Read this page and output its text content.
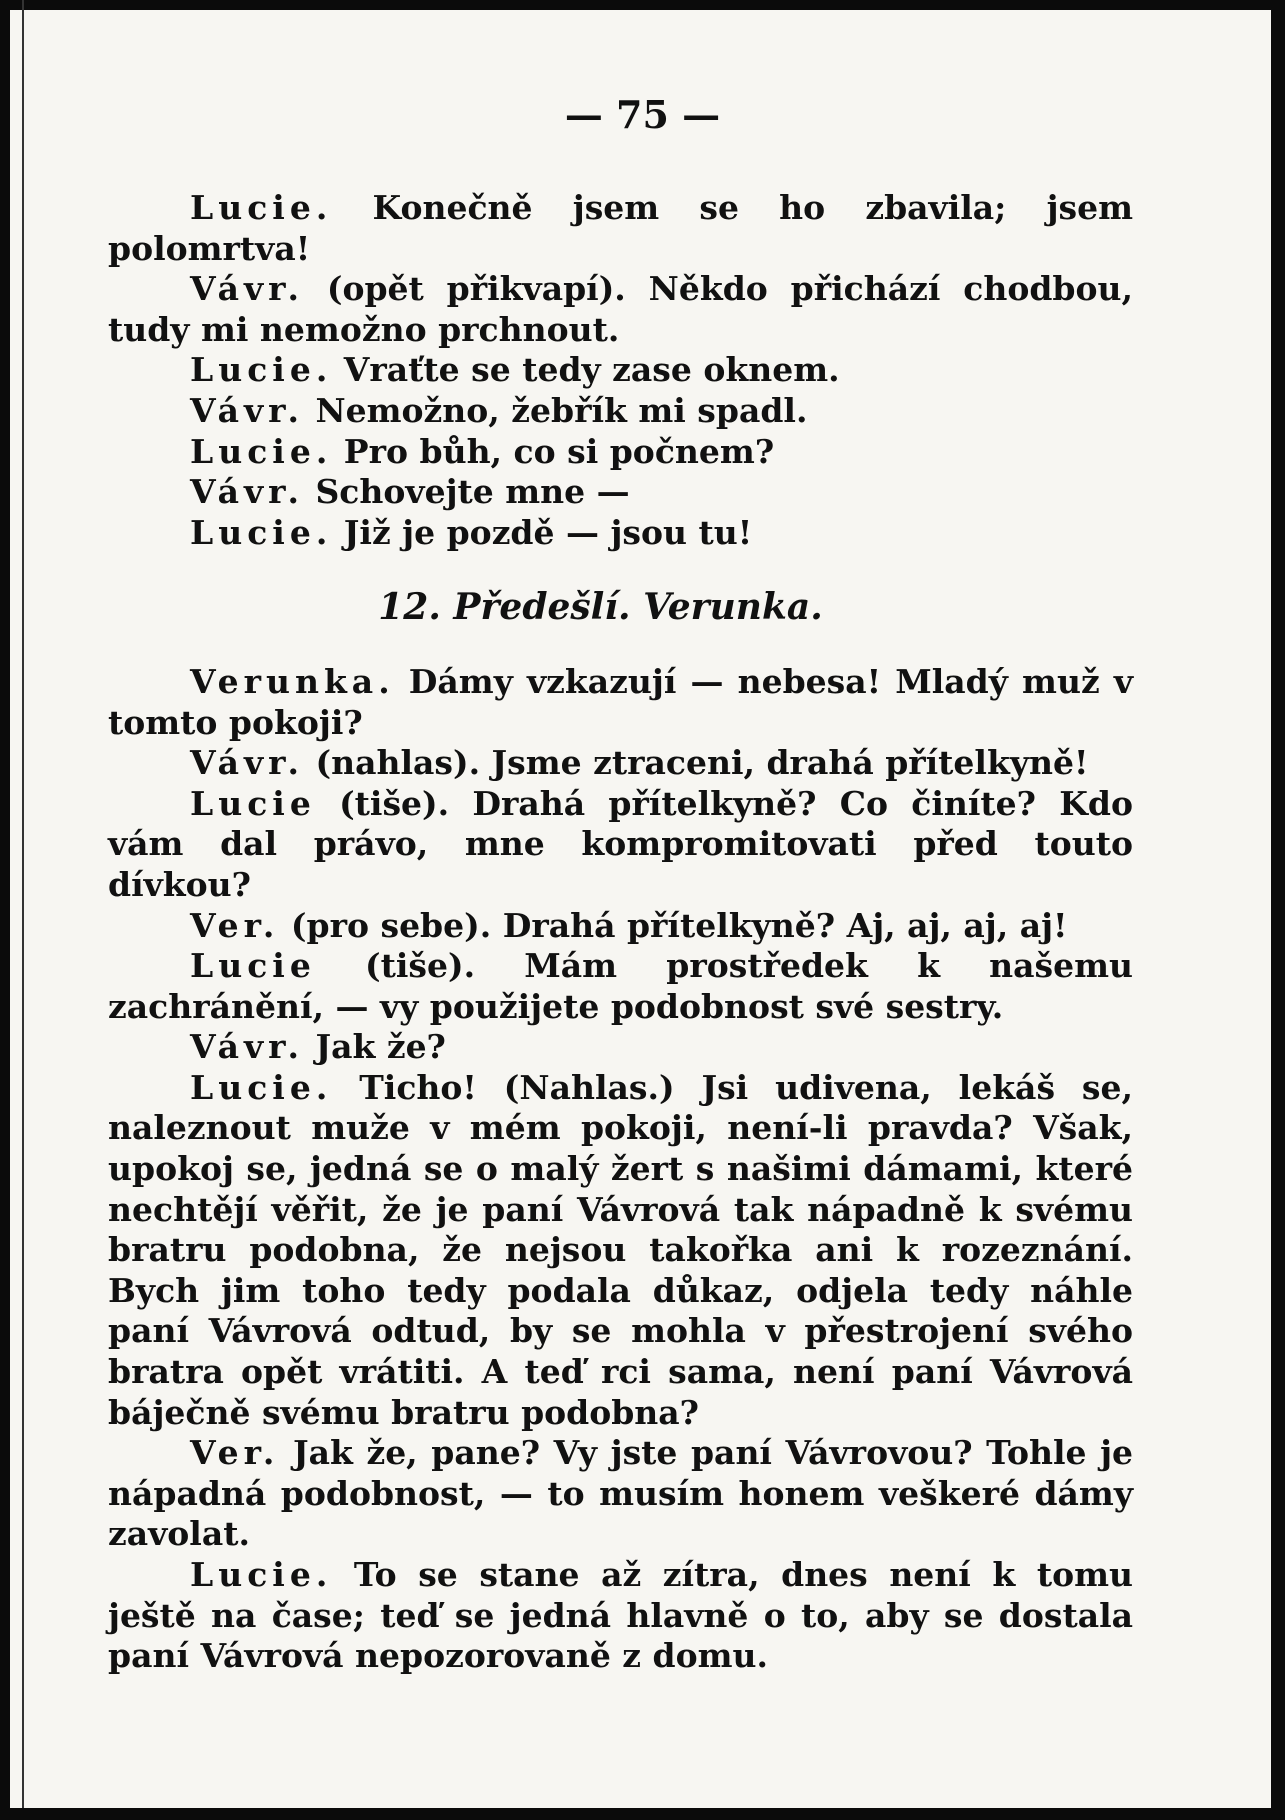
— 75 —

Lucie. Konečně jsem se ho zbavila; jsem polomrtva!

Vávr. (opět přikvapí). Někdo přichází chodbou, tudy mi nemožno prchnout.

Lucie. Vraťte se tedy zase oknem.

Vávr. Nemožno, žebřík mi spadl.

Lucie. Pro bůh, co si počnem?

Vávr. Schovejte mne —

Lucie. Již je pozdě — jsou tu!

12. Předešlí. Verunka.

Verunka. Dámy vzkazují — nebesa! Mladý muž v tomto pokoji?

Vávr. (nahlas). Jsme ztraceni, drahá přítelkyně!

Lucie (tiše). Drahá přítelkyně? Co činíte? Kdo vám dal právo, mne kompromitovati před touto dívkou?

Ver. (pro sebe). Drahá přítelkyně? Aj, aj, aj, aj!

Lucie (tiše). Mám prostředek k našemu zachránění, — vy použijete podobnost své sestry.

Vávr. Jak že?

Lucie. Ticho! (Nahlas.) Jsi udivena, lekáš se, naleznout muže v mém pokoji, není-li pravda? Však, upokoj se, jedná se o malý žert s našimi dámami, které nechtějí věřit, že je paní Vávrová tak nápadně k svému bratru podobna, že nejsou takořka ani k rozeznání. Bych jim toho tedy podala důkaz, odjela tedy náhle paní Vávrová odtud, by se mohla v přestrojení svého bratra opět vrátiti. A teď rci sama, není paní Vávrová báječně svému bratru podobna?

Ver. Jak že, pane? Vy jste paní Vávrovou? Tohle je nápadná podobnost, — to musím honem veškeré dámy zavolat.

Lucie. To se stane až zítra, dnes není k tomu ještě na čase; teď se jedná hlavně o to, aby se dostala paní Vávrová nepozorovaně z domu.
